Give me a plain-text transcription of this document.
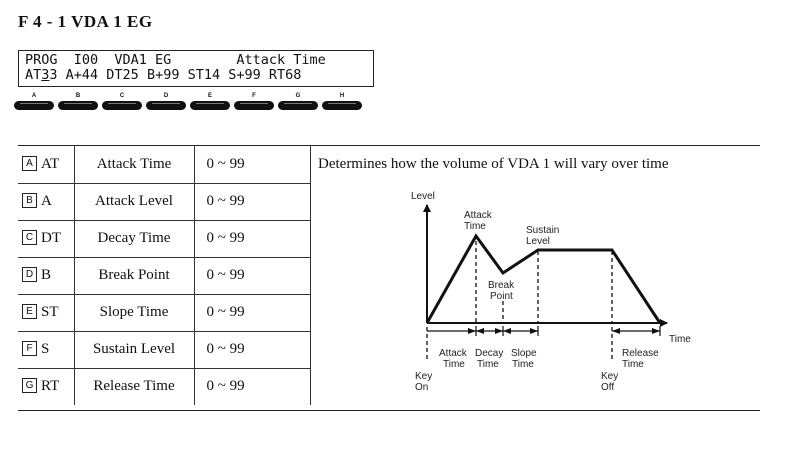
F 4 - 1 VDA 1 EG
PROG  I00  VDA1 EG        Attack Time
AT33 A+44 DT25 B+99 ST14 S+99 RT68
A	B	C	D	E	F	G	H
A AT	Attack Time	0 ~ 99
B A	Attack Level	0 ~ 99
C DT	Decay Time	0 ~ 99
D B	Break Point	0 ~ 99
E ST	Slope Time	0 ~ 99
F S	Sustain Level	0 ~ 99
G RT	Release Time	0 ~ 99
Determines how the volume of VDA 1 will vary over time
Level
Time
Attack
Time	Sustain
Level
Break
Point
Attack
Time
Decay
Time
Slope
Time
Release
Time
Key
On
Key
Off
